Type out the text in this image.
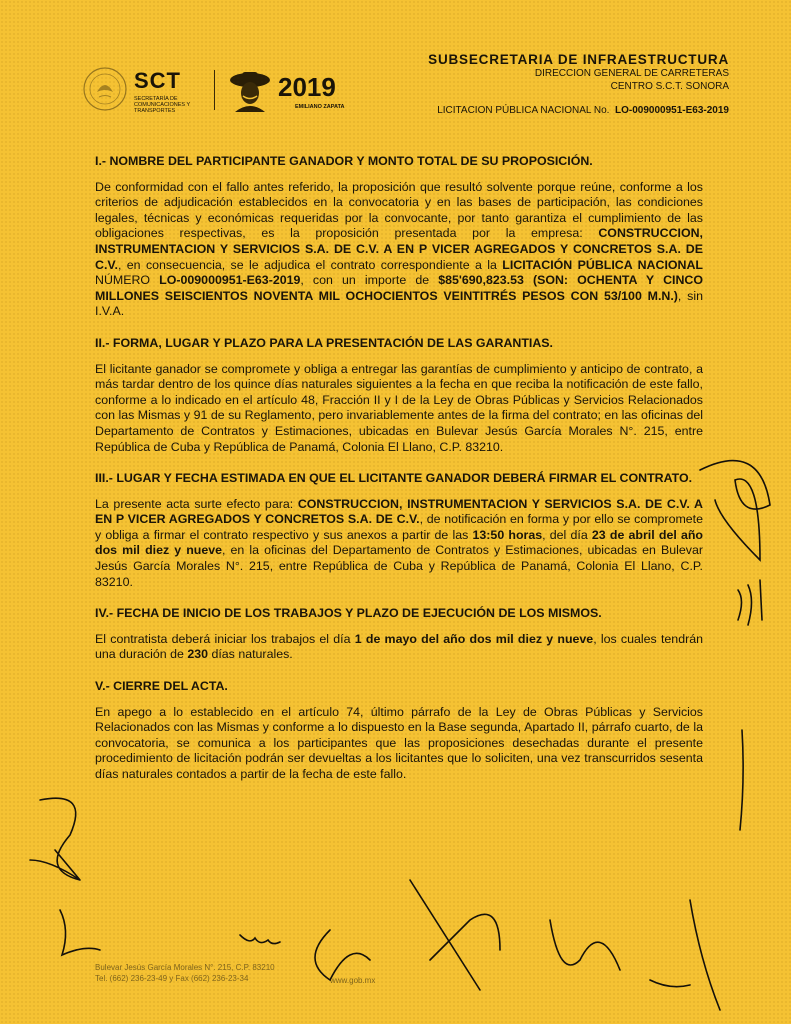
SCT
SECRETARÍA DE COMUNICACIONES Y TRANSPORTES
2019
EMILIANO ZAPATA
SUBSECRETARIA DE INFRAESTRUCTURA
DIRECCION GENERAL DE CARRETERAS
CENTRO S.C.T. SONORA
LICITACION PÚBLICA NACIONAL No. LO-009000951-E63-2019
I.- NOMBRE DEL PARTICIPANTE GANADOR Y MONTO TOTAL DE SU PROPOSICIÓN.

De conformidad con el fallo antes referido, la proposición que resultó solvente porque reúne, conforme a los criterios de adjudicación establecidos en la convocatoria y en las bases de participación, las condiciones legales, técnicas y económicas requeridas por la convocante, por tanto garantiza el cumplimiento de las obligaciones respectivas, es la proposición presentada por la empresa: CONSTRUCCION, INSTRUMENTACION Y SERVICIOS S.A. DE C.V. A EN P VICER AGREGADOS Y CONCRETOS S.A. DE C.V., en consecuencia, se le adjudica el contrato correspondiente a la LICITACIÓN PÚBLICA NACIONAL NÚMERO LO-009000951-E63-2019, con un importe de $85'690,823.53 (SON: OCHENTA Y CINCO MILLONES SEISCIENTOS NOVENTA MIL OCHOCIENTOS VEINTITRÉS PESOS CON 53/100 M.N.), sin I.V.A.

II.- FORMA, LUGAR Y PLAZO PARA LA PRESENTACIÓN DE LAS GARANTIAS.

El licitante ganador se compromete y obliga a entregar las garantías de cumplimiento y anticipo de contrato, a más tardar dentro de los quince días naturales siguientes a la fecha en que reciba la notificación de este fallo, conforme a lo indicado en el artículo 48, Fracción II y I de la Ley de Obras Públicas y Servicios Relacionados con las Mismas y 91 de su Reglamento, pero invariablemente antes de la firma del contrato; en las oficinas del Departamento de Contratos y Estimaciones, ubicadas en Bulevar Jesús García Morales N°. 215, entre República de Cuba y República de Panamá, Colonia El Llano, C.P. 83210.

III.- LUGAR Y FECHA ESTIMADA EN QUE EL LICITANTE GANADOR DEBERÁ FIRMAR EL CONTRATO.

La presente acta surte efecto para: CONSTRUCCION, INSTRUMENTACION Y SERVICIOS S.A. DE C.V. A EN P VICER AGREGADOS Y CONCRETOS S.A. DE C.V., de notificación en forma y por ello se compromete y obliga a firmar el contrato respectivo y sus anexos a partir de las 13:50 horas, del día 23 de abril del año dos mil diez y nueve, en la oficinas del Departamento de Contratos y Estimaciones, ubicadas en Bulevar Jesús García Morales N°. 215, entre República de Cuba y República de Panamá, Colonia El Llano, C.P. 83210.

IV.- FECHA DE INICIO DE LOS TRABAJOS Y PLAZO DE EJECUCIÓN DE LOS MISMOS.

El contratista deberá iniciar los trabajos el día 1 de mayo del año dos mil diez y nueve, los cuales tendrán una duración de 230 días naturales.

V.- CIERRE DEL ACTA.

En apego a lo establecido en el artículo 74, último párrafo de la Ley de Obras Públicas y Servicios Relacionados con las Mismas y conforme a lo dispuesto en la Base segunda, Apartado II, párrafo cuarto, de la convocatoria, se comunica a los participantes que las proposiciones desechadas durante el presente procedimiento de licitación podrán ser devueltas a los licitantes que lo soliciten, una vez transcurridos sesenta días naturales contados a partir de la fecha de este fallo.

Bulevar Jesús García Morales N°. 215, C.P. 83210
Tel. (662) 236-23-49 y Fax (662) 236-23-34	www.gob.mx
